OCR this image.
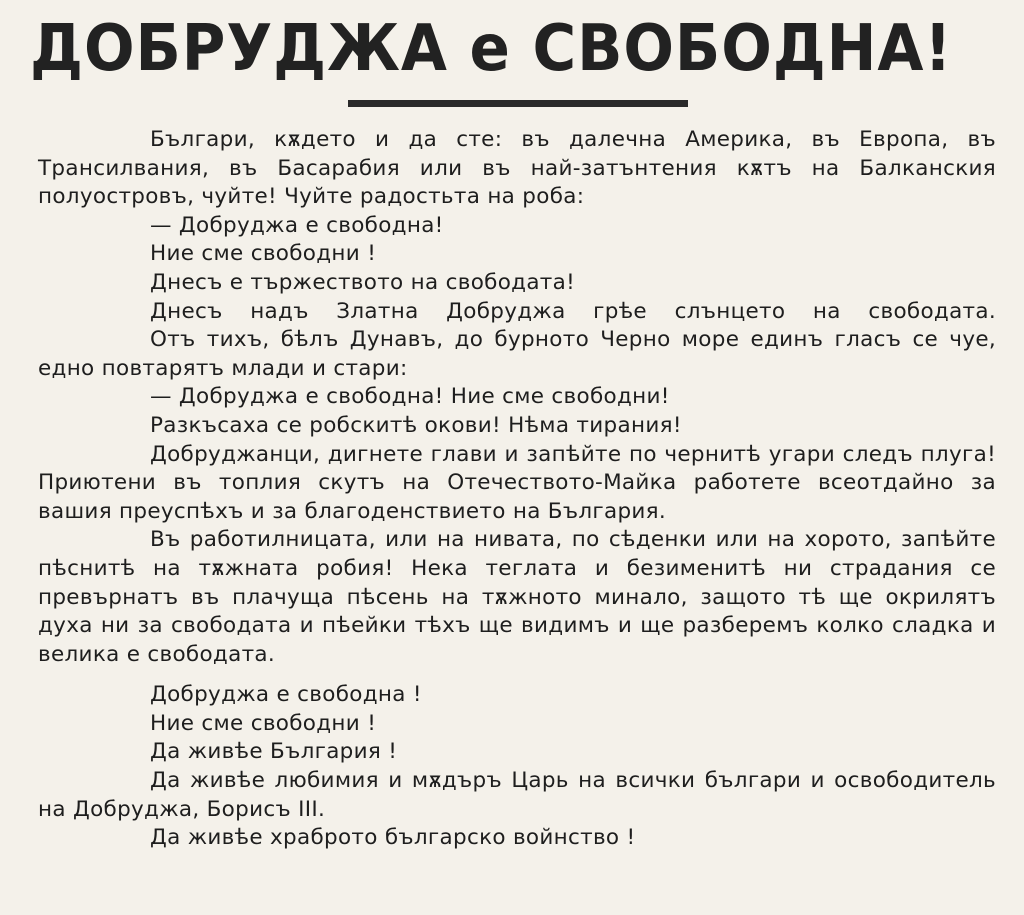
ДОБРУДЖА е СВОБОДНА!

Българи, кѫдето и да сте: въ далечна Америка, въ Европа, въ Трансилвания, въ Басарабия или въ най-затънтения кѫтъ на Балканския полуостровъ, чуйте! Чуйте радостьта на роба:

— Добруджа е свободна!

Ние сме свободни !

Днесъ е тържеството на свободата!

Днесъ надъ Златна Добруджа грѣе слънцето на свободата.

Отъ тихъ, бѣлъ Дунавъ, до бурното Черно море единъ гласъ се чуе, едно повтарятъ млади и стари:

— Добруджа е свободна! Ние сме свободни!

Разкъсаха се робскитѣ окови! Нѣма тирания!

Добруджанци, дигнете глави и запѣйте по чернитѣ угари следъ плуга! Приютени въ топлия скутъ на Отечеството-Майка работете всеотдайно за вашия преуспѣхъ и за благоденствието на България.

Въ работилницата, или на нивата, по сѣденки или на хорото, запѣйте пѣснитѣ на тѫжната робия! Нека теглата и безименитѣ ни страдания се превърнатъ въ плачуща пѣсень на тѫжното минало, защото тѣ ще окрилятъ духа ни за свободата и пѣейки тѣхъ ще видимъ и ще разберемъ колко сладка и велика е свободата.

Добруджа е свободна !

Ние сме свободни !

Да живѣе България !

Да живѣе любимия и мѫдъръ Царь на всички българи и освободитель на Добруджа, Борисъ III.

Да живѣе храброто българско войнство !
